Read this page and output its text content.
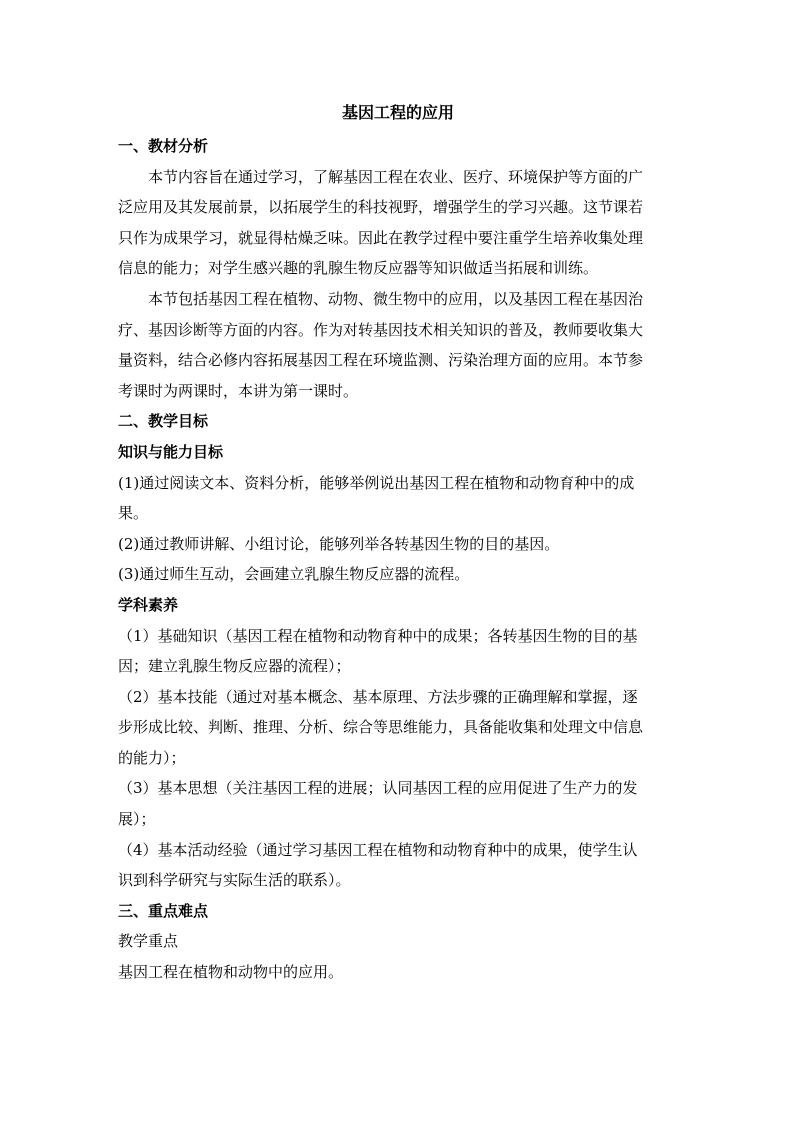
基因工程的应用
一、教材分析
本节内容旨在通过学习，了解基因工程在农业、医疗、环境保护等方面的广
泛应用及其发展前景，以拓展学生的科技视野，增强学生的学习兴趣。这节课若
只作为成果学习，就显得枯燥乏味。因此在教学过程中要注重学生培养收集处理
信息的能力；对学生感兴趣的乳腺生物反应器等知识做适当拓展和训练。
本节包括基因工程在植物、动物、微生物中的应用，以及基因工程在基因治
疗、基因诊断等方面的内容。作为对转基因技术相关知识的普及，教师要收集大
量资料，结合必修内容拓展基因工程在环境监测、污染治理方面的应用。本节参
考课时为两课时，本讲为第一课时。
二、教学目标
知识与能力目标
(1)通过阅读文本、资料分析，能够举例说出基因工程在植物和动物育种中的成
果。
(2)通过教师讲解、小组讨论，能够列举各转基因生物的目的基因。
(3)通过师生互动，会画建立乳腺生物反应器的流程。
学科素养
（1）基础知识（基因工程在植物和动物育种中的成果；各转基因生物的目的基
因；建立乳腺生物反应器的流程）；
（2）基本技能（通过对基本概念、基本原理、方法步骤的正确理解和掌握，逐
步形成比较、判断、推理、分析、综合等思维能力，具备能收集和处理文中信息
的能力）；
（3）基本思想（关注基因工程的进展；认同基因工程的应用促进了生产力的发
展）；
（4）基本活动经验（通过学习基因工程在植物和动物育种中的成果，使学生认
识到科学研究与实际生活的联系）。
三、重点难点
教学重点
基因工程在植物和动物中的应用。
